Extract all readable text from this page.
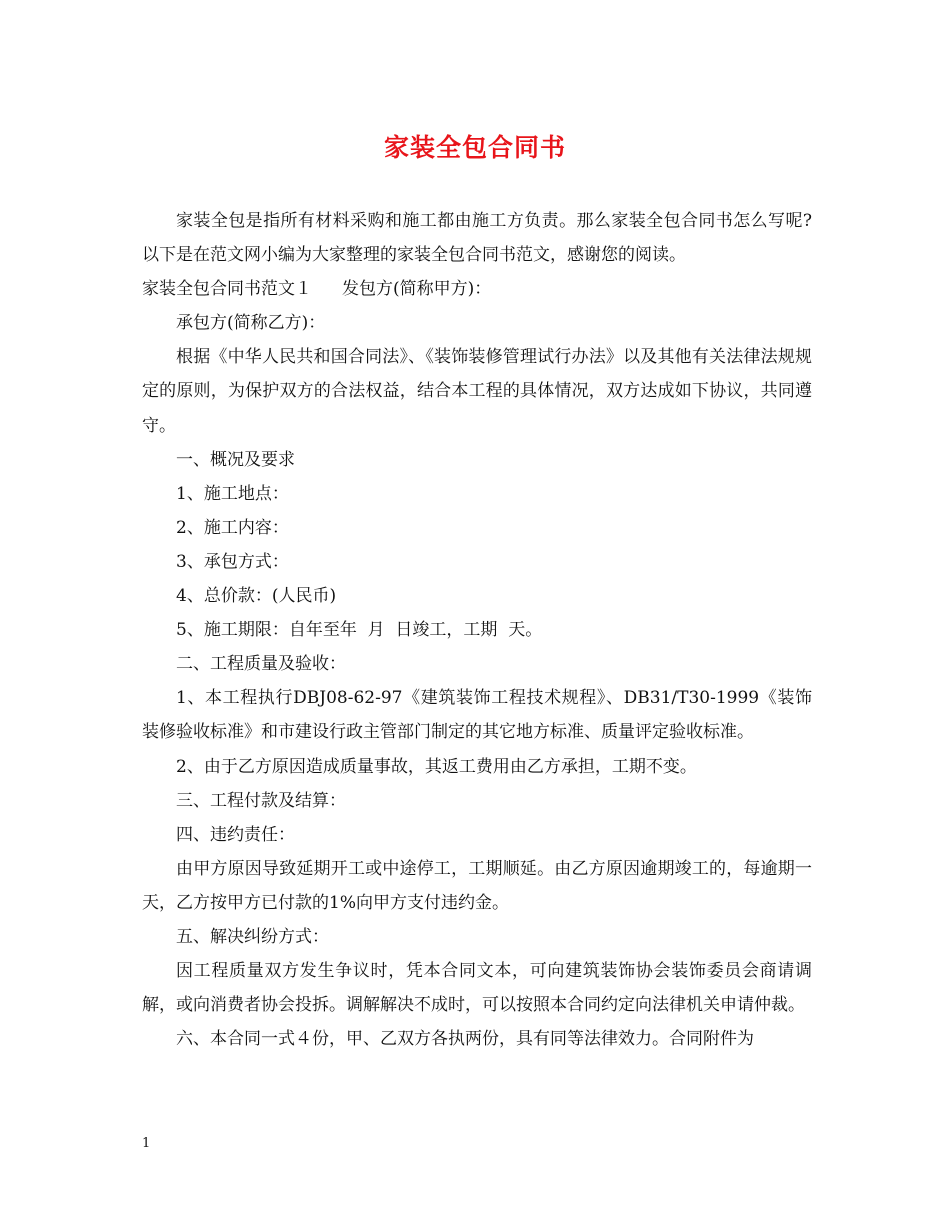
家装全包合同书

家装全包是指所有材料采购和施工都由施工方负责。那么家装全包合同书怎么写呢?以下是在范文网小编为大家整理的家装全包合同书范文，感谢您的阅读。

家装全包合同书范文１ 发包方(简称甲方)：

承包方(简称乙方)：

根据《中华人民共和国合同法》、《装饰装修管理试行办法》以及其他有关法律法规规定的原则，为保护双方的合法权益，结合本工程的具体情况，双方达成如下协议，共同遵守。

一、概况及要求

1、施工地点：

2、施工内容：

3、承包方式：

4、总价款：(人民币)

5、施工期限：自年至年  月  日竣工，工期  天。

二、工程质量及验收：

1、本工程执行DBJ08-62-97《建筑装饰工程技术规程》、DB31/T30-1999《装饰装修验收标准》和市建设行政主管部门制定的其它地方标准、质量评定验收标准。

2、由于乙方原因造成质量事故，其返工费用由乙方承担，工期不变。

三、工程付款及结算：

四、违约责任：

由甲方原因导致延期开工或中途停工，工期顺延。由乙方原因逾期竣工的，每逾期一天，乙方按甲方已付款的1%向甲方支付违约金。

五、解决纠纷方式：

因工程质量双方发生争议时，凭本合同文本，可向建筑装饰协会装饰委员会商请调解，或向消费者协会投拆。调解解决不成时，可以按照本合同约定向法律机关申请仲裁。

六、本合同一式４份，甲、乙双方各执两份，具有同等法律效力。合同附件为

1
